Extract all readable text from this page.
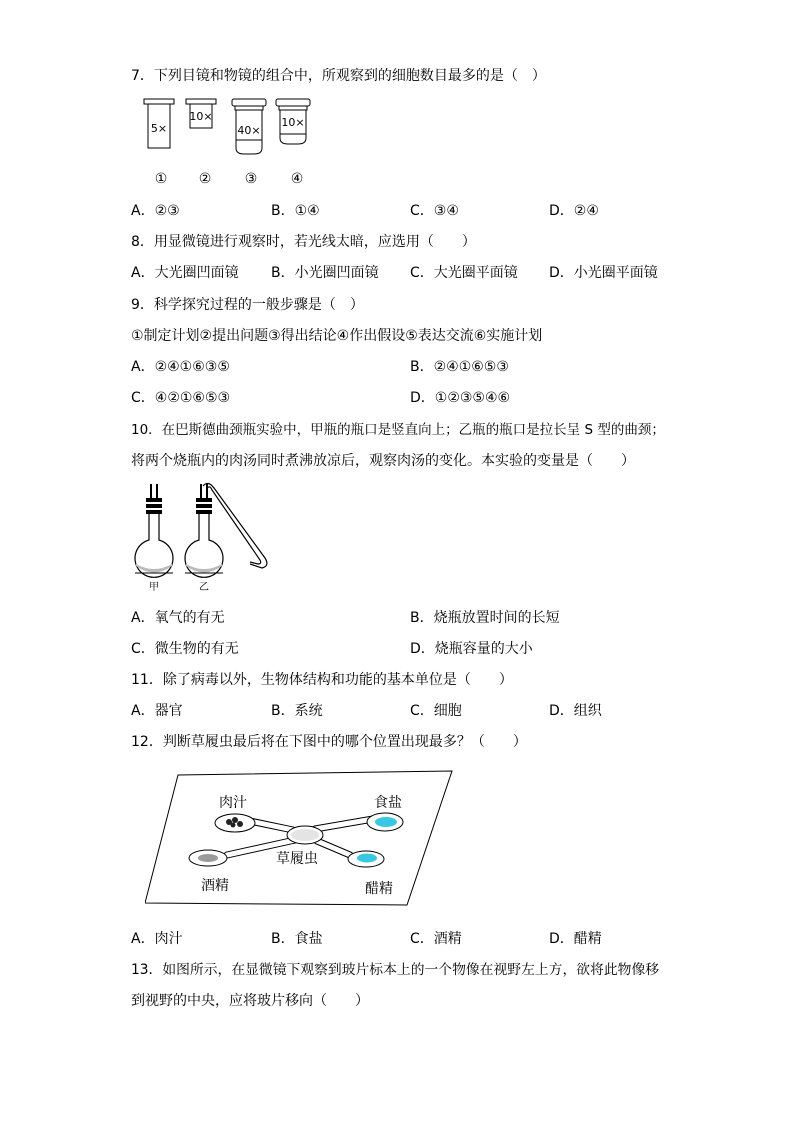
7．下列目镜和物镜的组合中，所观察到的细胞数目最多的是（　）
5×
10×
40×
10×
① ② ③ ④
A．②③	B．①④	C．③④	D．②④
8．用显微镜进行观察时，若光线太暗，应选用（　　）
A．大光圈凹面镜 B．小光圈凹面镜 C．大光圈平面镜 D．小光圈平面镜
9．科学探究过程的一般步骤是（　）
①制定计划②提出问题③得出结论④作出假设⑤表达交流⑥实施计划
A．②④①⑥③⑤	B．②④①⑥⑤③
C．④②①⑥⑤③	D．①②③⑤④⑥
10．在巴斯德曲颈瓶实验中，甲瓶的瓶口是竖直向上；乙瓶的瓶口是拉长呈 S 型的曲颈；
将两个烧瓶内的肉汤同时煮沸放凉后，观察肉汤的变化。本实验的变量是（　　）
甲	乙
A．氧气的有无	B．烧瓶放置时间的长短
C．微生物的有无	D．烧瓶容量的大小
11．除了病毒以外，生物体结构和功能的基本单位是（　　）
A．器官	B．系统	C．细胞	D．组织
12．判断草履虫最后将在下图中的哪个位置出现最多？（　　）
肉汁	食盐
草履虫
酒精	醋精
A．肉汁	B．食盐	C．酒精	D．醋精
13．如图所示，在显微镜下观察到玻片标本上的一个物像在视野左上方，欲将此物像移
到视野的中央，应将玻片移向（　　）
